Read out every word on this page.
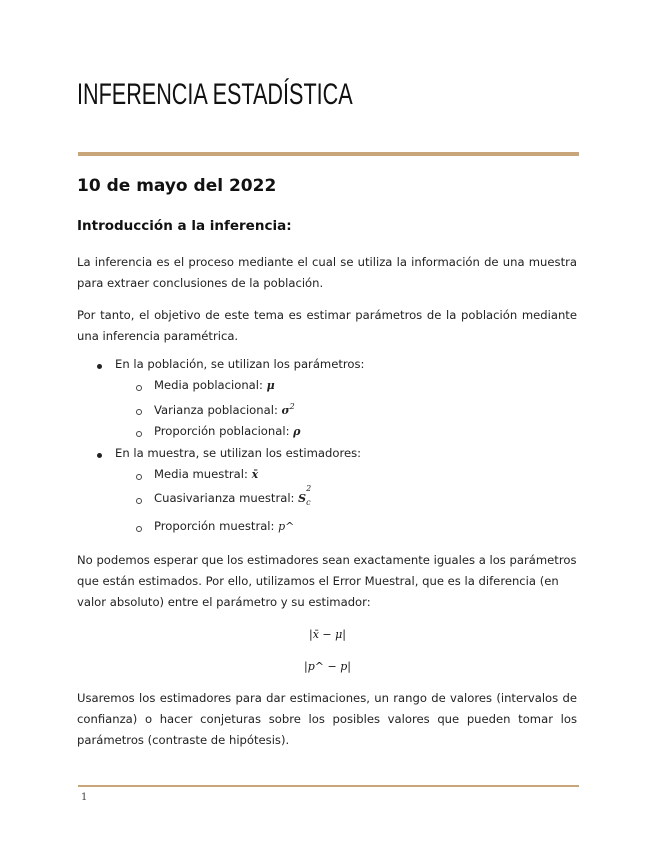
INFERENCIA ESTADÍSTICA
10 de mayo del 2022
Introducción a la inferencia:

La inferencia es el proceso mediante el cual se utiliza la información de una muestra para extraer conclusiones de la población.

Por tanto, el objetivo de este tema es estimar parámetros de la población mediante una inferencia paramétrica.

En la población, se utilizan los parámetros:
Media poblacional: μ
Varianza poblacional: $\sigma^2$
Proporción poblacional: ρ
En la muestra, se utilizan los estimadores:
Media muestral: x̄
Cuasivarianza muestral: S
2
c
Proporción muestral: p^

No podemos esperar que los estimadores sean exactamente iguales a los parámetros que están estimados. Por ello, utilizamos el Error Muestral, que es la diferencia (en valor absoluto) entre el parámetro y su estimador:

|x̄ − μ|
|p^ − p|

Usaremos los estimadores para dar estimaciones, un rango de valores (intervalos de confianza) o hacer conjeturas sobre los posibles valores que pueden tomar los parámetros (contraste de hipótesis).

1
